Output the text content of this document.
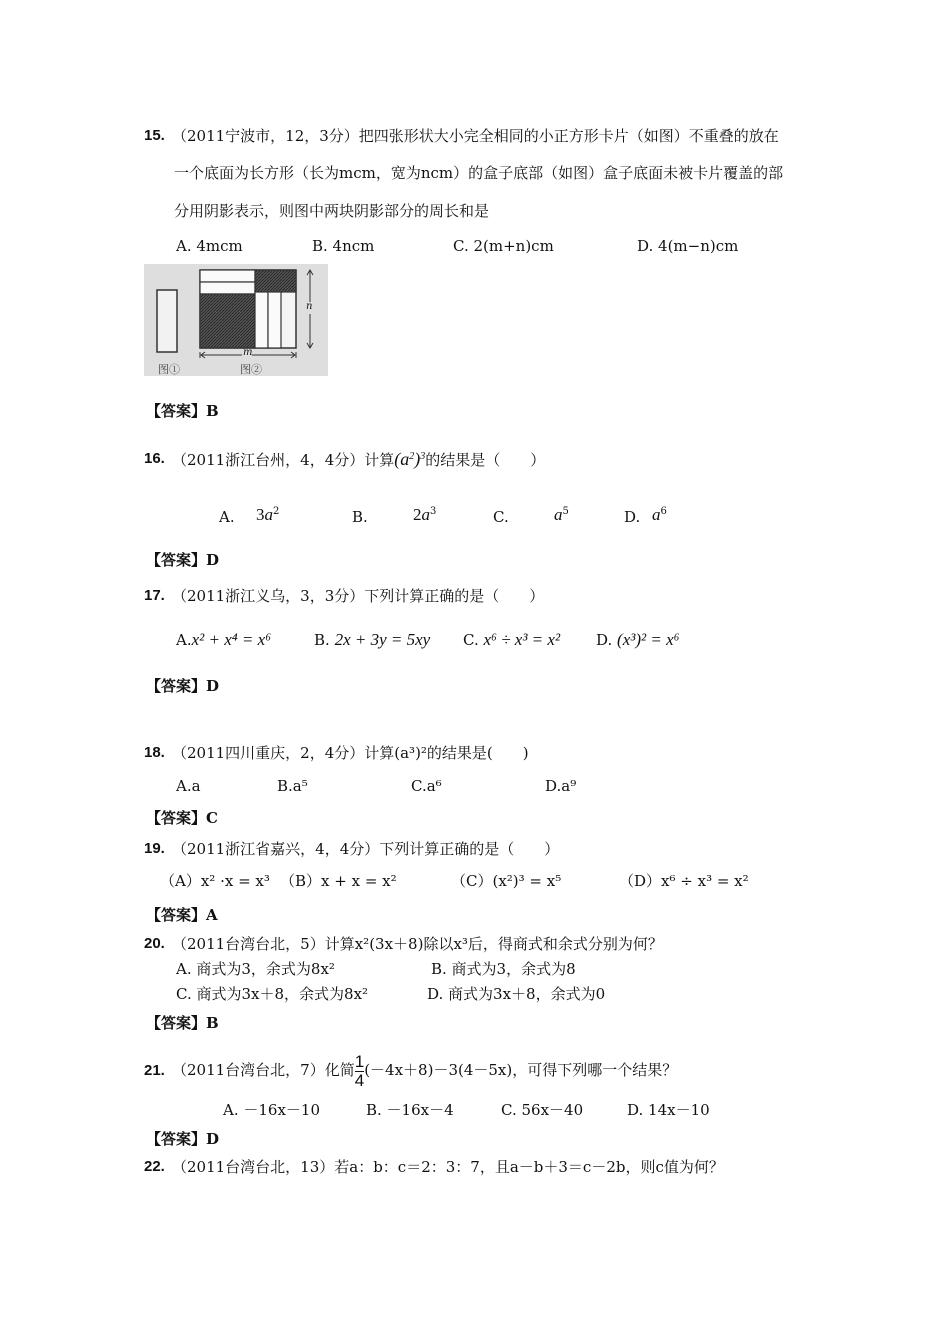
15. （2011宁波市，12，3分）把四张形状大小完全相同的小正方形卡片（如图）不重叠的放在
一个底面为长方形（长为mcm，宽为ncm）的盒子底部（如图）盒子底面未被卡片覆盖的部
分用阴影表示，则图中两块阴影部分的周长和是
A. 4mcm	B. 4ncm	C. 2(m+n)cm	D. 4(m−n)cm
n
m
图①	图②
【答案】B
16. （2011浙江台州，4，4分）计算$(a^2)^3$的结果是（　　）
A. $3a^2$	B.	$2a^3$	C.	$a^5$	D. $a^6$
【答案】D
17. （2011浙江义乌，3，3分）下列计算正确的是（　　）
A.x² + x⁴ = x⁶	B. 2x + 3y = 5xy C. x⁶ ÷ x³ = x² D. (x³)² = x⁶
【答案】D
18. （2011四川重庆，2，4分）计算(a³)²的结果是(　　)
A.a	B.a⁵	C.a⁶	D.a⁹
【答案】C
19. （2011浙江省嘉兴，4，4分）下列计算正确的是（　　）
（A）x² ·x = x³ （B）x + x = x²	（C）(x²)³ = x⁵	（D）x⁶ ÷ x³ = x²
【答案】A
20. （2011台湾台北，5）计算x²(3x＋8)除以x³后，得商式和余式分别为何？
A. 商式为3，余式为8x²	B. 商式为3，余式为8
C. 商式为3x＋8，余式为8x²	D. 商式为3x＋8，余式为0
【答案】B
21. （2011台湾台北，7）化简$\frac{1}{4} (-4x+8)-3(4-5x)$，可得下列哪一个结果？
A. －16x－10	B. －16x－4	C. 56x－40	D. 14x－10
【答案】D
22. （2011台湾台北，13）若a：b：c＝2：3：7，且a－b＋3＝c－2b，则c值为何？
